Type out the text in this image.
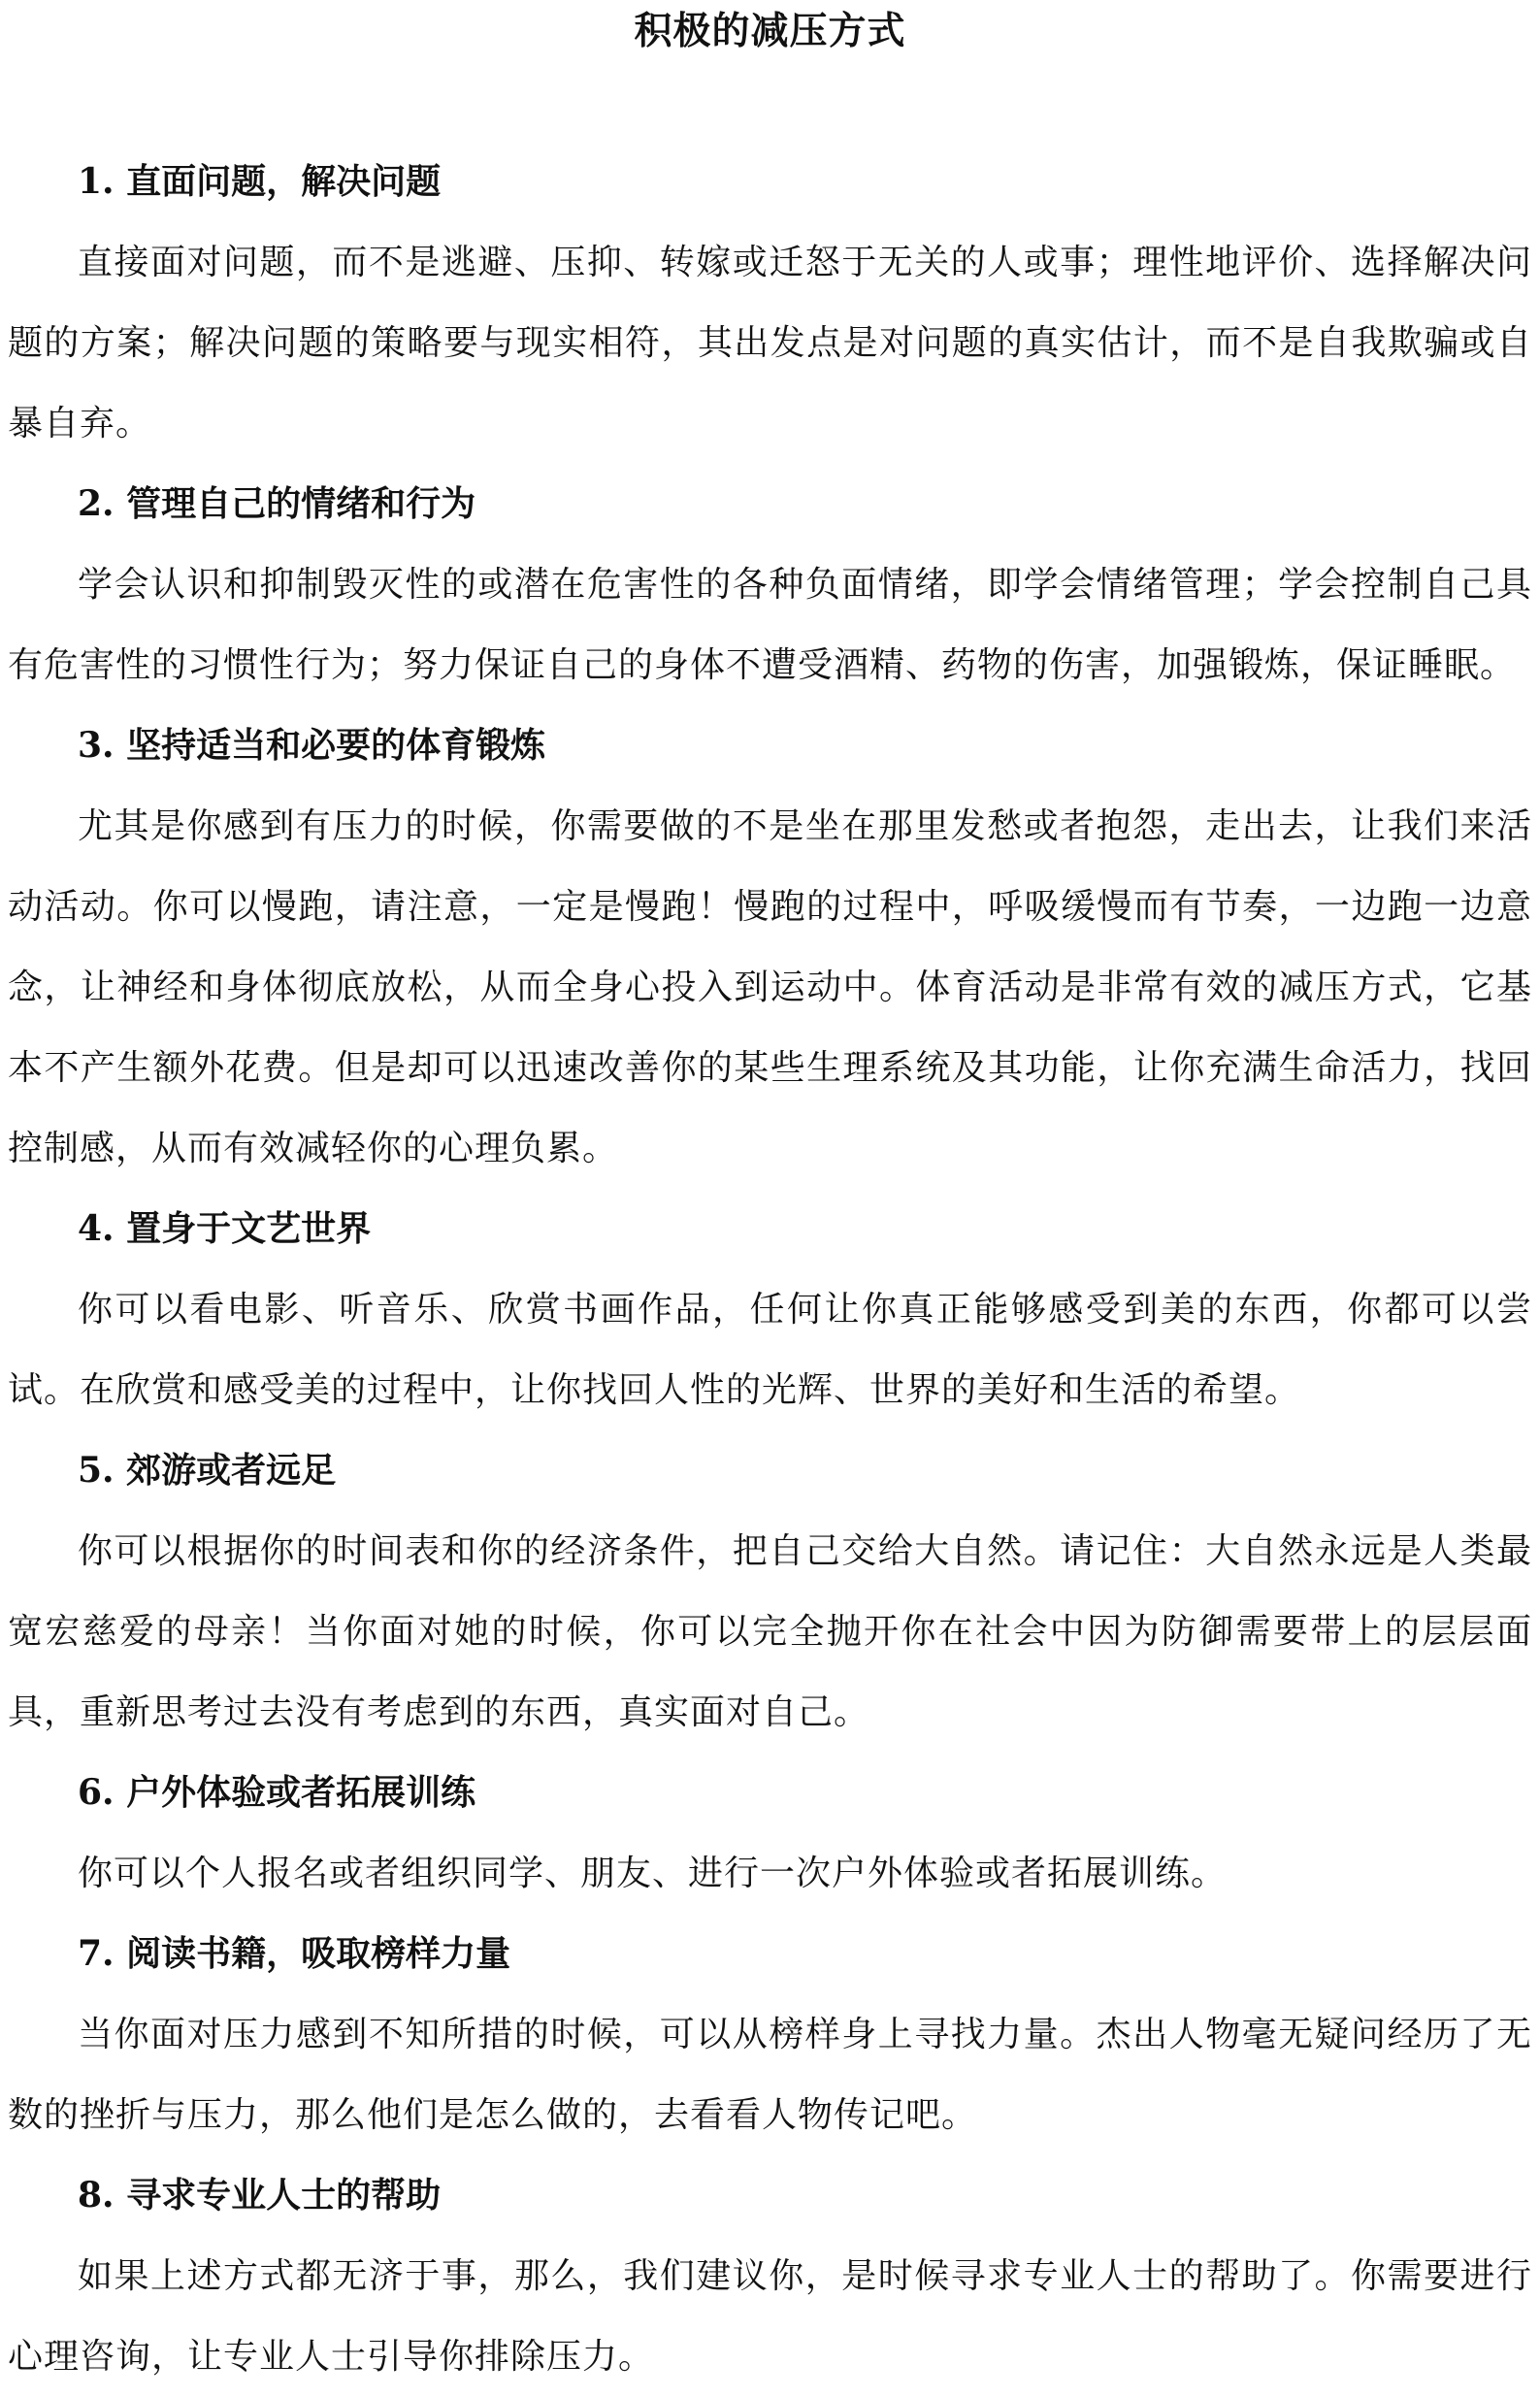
积极的减压方式

1. 直面问题，解决问题

直接面对问题，而不是逃避、压抑、转嫁或迁怒于无关的人或事；理性地评价、选择解决问题的方案；解决问题的策略要与现实相符，其出发点是对问题的真实估计，而不是自我欺骗或自暴自弃。

2. 管理自己的情绪和行为

学会认识和抑制毁灭性的或潜在危害性的各种负面情绪，即学会情绪管理；学会控制自己具有危害性的习惯性行为；努力保证自己的身体不遭受酒精、药物的伤害，加强锻炼，保证睡眠。

3. 坚持适当和必要的体育锻炼

尤其是你感到有压力的时候，你需要做的不是坐在那里发愁或者抱怨，走出去，让我们来活动活动。你可以慢跑，请注意，一定是慢跑！慢跑的过程中，呼吸缓慢而有节奏，一边跑一边意念，让神经和身体彻底放松，从而全身心投入到运动中。体育活动是非常有效的减压方式，它基本不产生额外花费。但是却可以迅速改善你的某些生理系统及其功能，让你充满生命活力，找回控制感，从而有效减轻你的心理负累。

4. 置身于文艺世界

你可以看电影、听音乐、欣赏书画作品，任何让你真正能够感受到美的东西，你都可以尝试。在欣赏和感受美的过程中，让你找回人性的光辉、世界的美好和生活的希望。

5. 郊游或者远足

你可以根据你的时间表和你的经济条件，把自己交给大自然。请记住：大自然永远是人类最宽宏慈爱的母亲！当你面对她的时候，你可以完全抛开你在社会中因为防御需要带上的层层面具，重新思考过去没有考虑到的东西，真实面对自己。

6. 户外体验或者拓展训练

你可以个人报名或者组织同学、朋友、进行一次户外体验或者拓展训练。

7. 阅读书籍，吸取榜样力量

当你面对压力感到不知所措的时候，可以从榜样身上寻找力量。杰出人物毫无疑问经历了无数的挫折与压力，那么他们是怎么做的，去看看人物传记吧。

8. 寻求专业人士的帮助

如果上述方式都无济于事，那么，我们建议你，是时候寻求专业人士的帮助了。你需要进行心理咨询，让专业人士引导你排除压力。
